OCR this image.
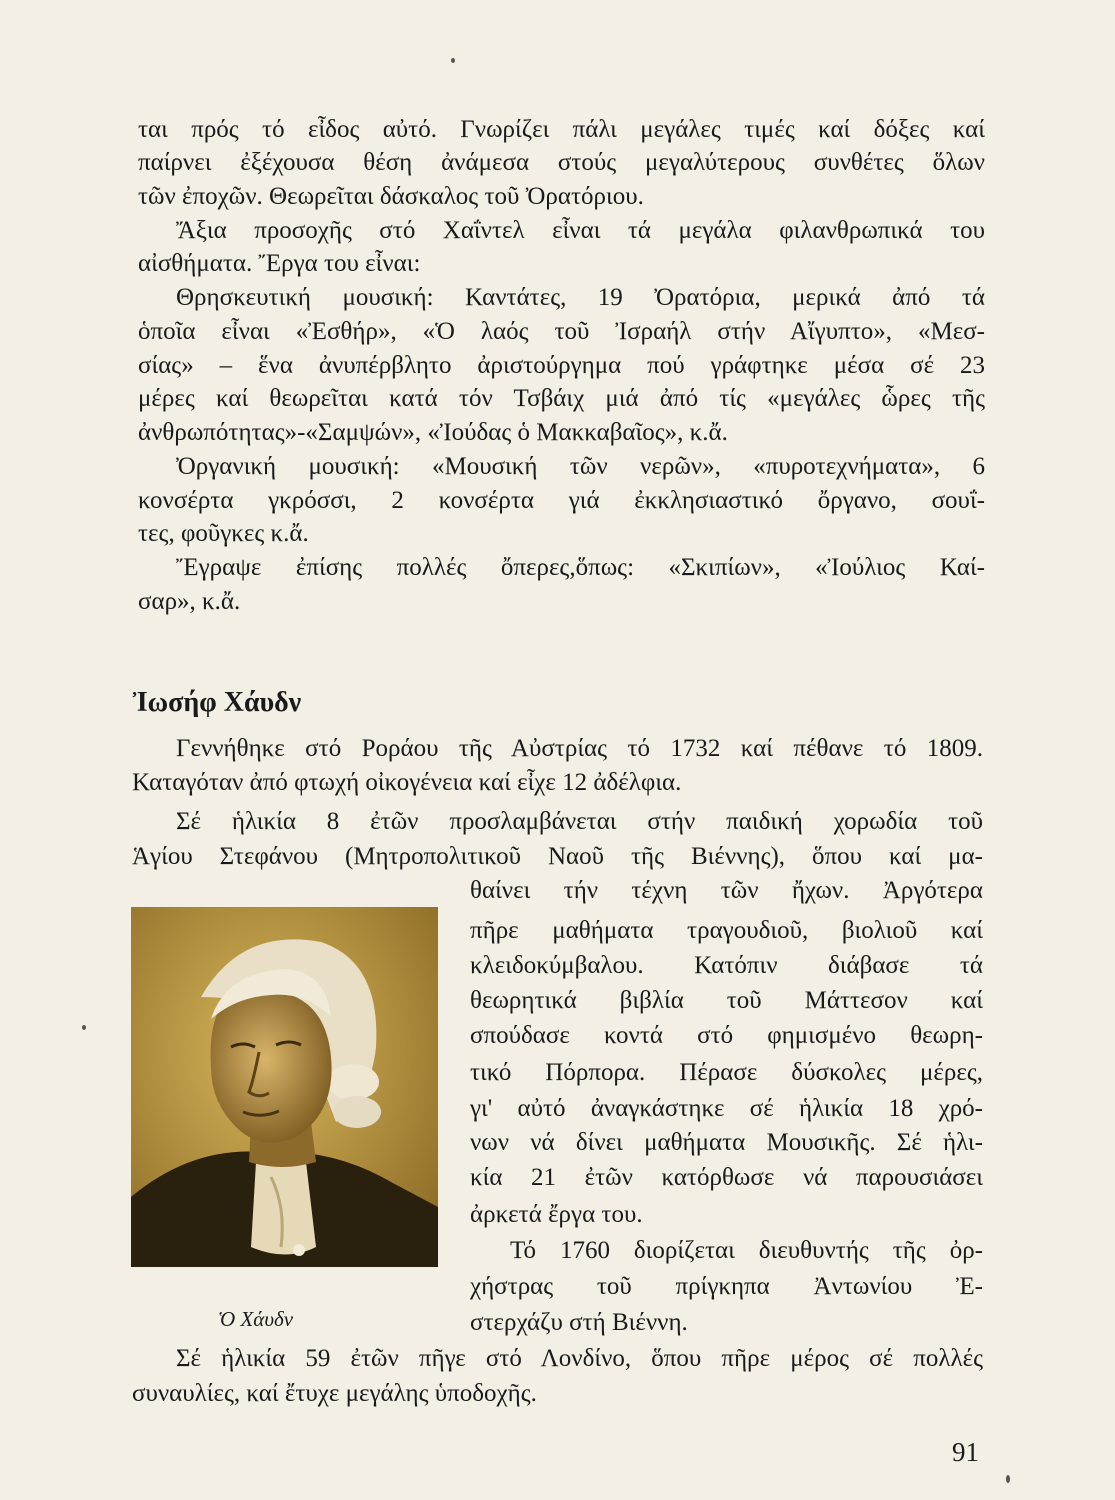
ται πρός τό εἶδος αὐτό. Γνωρίζει πάλι μεγάλες τιμές καί δόξες καί
παίρνει ἐξέχουσα θέση ἀνάμεσα στούς μεγαλύτερους συνθέτες ὅλων
τῶν ἐποχῶν. Θεωρεῖται δάσκαλος τοῦ Ὀρατόριου.
Ἄξια προσοχῆς στό Χαΐντελ εἶναι τά μεγάλα φιλανθρωπικά του
αἰσθήματα. Ἔργα του εἶναι:
Θρησκευτική μουσική: Καντάτες, 19 Ὀρατόρια, μερικά ἀπό τά
ὁποῖα εἶναι «Ἐσθήρ», «Ὁ λαός τοῦ Ἰσραήλ στήν Αἴγυπτο», «Μεσ-
σίας» – ἕνα ἀνυπέρβλητο ἀριστούργημα πού γράφτηκε μέσα σέ 23
μέρες καί θεωρεῖται κατά τόν Τσβάιχ μιά ἀπό τίς «μεγάλες ὧρες τῆς
ἀνθρωπότητας»-«Σαμψών», «Ἰούδας ὁ Μακκαβαῖος», κ.ἄ.
Ὀργανική μουσική: «Μουσική τῶν νερῶν», «πυροτεχνήματα», 6
κονσέρτα γκρόσσι, 2 κονσέρτα γιά ἐκκλησιαστικό ὄργανο, σουΐ-
τες, φοῦγκες κ.ἄ.
Ἔγραψε ἐπίσης πολλές ὄπερες,ὅπως: «Σκιπίων», «Ἰούλιος Καί-
σαρ», κ.ἄ.
Ἰωσήφ Χάυδν
Γεννήθηκε στό Ροράου τῆς Αὐστρίας τό 1732 καί πέθανε τό 1809.
Καταγόταν ἀπό φτωχή οἰκογένεια καί εἶχε 12 ἀδέλφια.
Σέ ἡλικία 8 ἐτῶν προσλαμβάνεται στήν παιδική χορωδία τοῦ
Ἁγίου Στεφάνου (Μητροπολιτικοῦ Ναοῦ τῆς Βιέννης), ὅπου καί μα-
θαίνει τήν τέχνη τῶν ἤχων. Ἀργότερα
πῆρε μαθήματα τραγουδιοῦ, βιολιοῦ καί
κλειδοκύμβαλου. Κατόπιν διάβασε τά
θεωρητικά βιβλία τοῦ Μάττεσον καί
σπούδασε κοντά στό φημισμένο θεωρη-
τικό Πόρπορα. Πέρασε δύσκολες μέρες,
γι' αὐτό ἀναγκάστηκε σέ ἡλικία 18 χρό-
νων νά δίνει μαθήματα Μουσικῆς. Σέ ἡλι-
κία 21 ἐτῶν κατόρθωσε νά παρουσιάσει
ἀρκετά ἔργα του.
Τό 1760 διορίζεται διευθυντής τῆς ὀρ-
χήστρας τοῦ πρίγκηπα Ἀντωνίου Ἐ-
στερχάζυ στή Βιέννη.
Σέ ἡλικία 59 ἐτῶν πῆγε στό Λονδίνο, ὅπου πῆρε μέρος σέ πολλές
συναυλίες, καί ἔτυχε μεγάλης ὑποδοχῆς.
Ὁ Χάυδν
91
